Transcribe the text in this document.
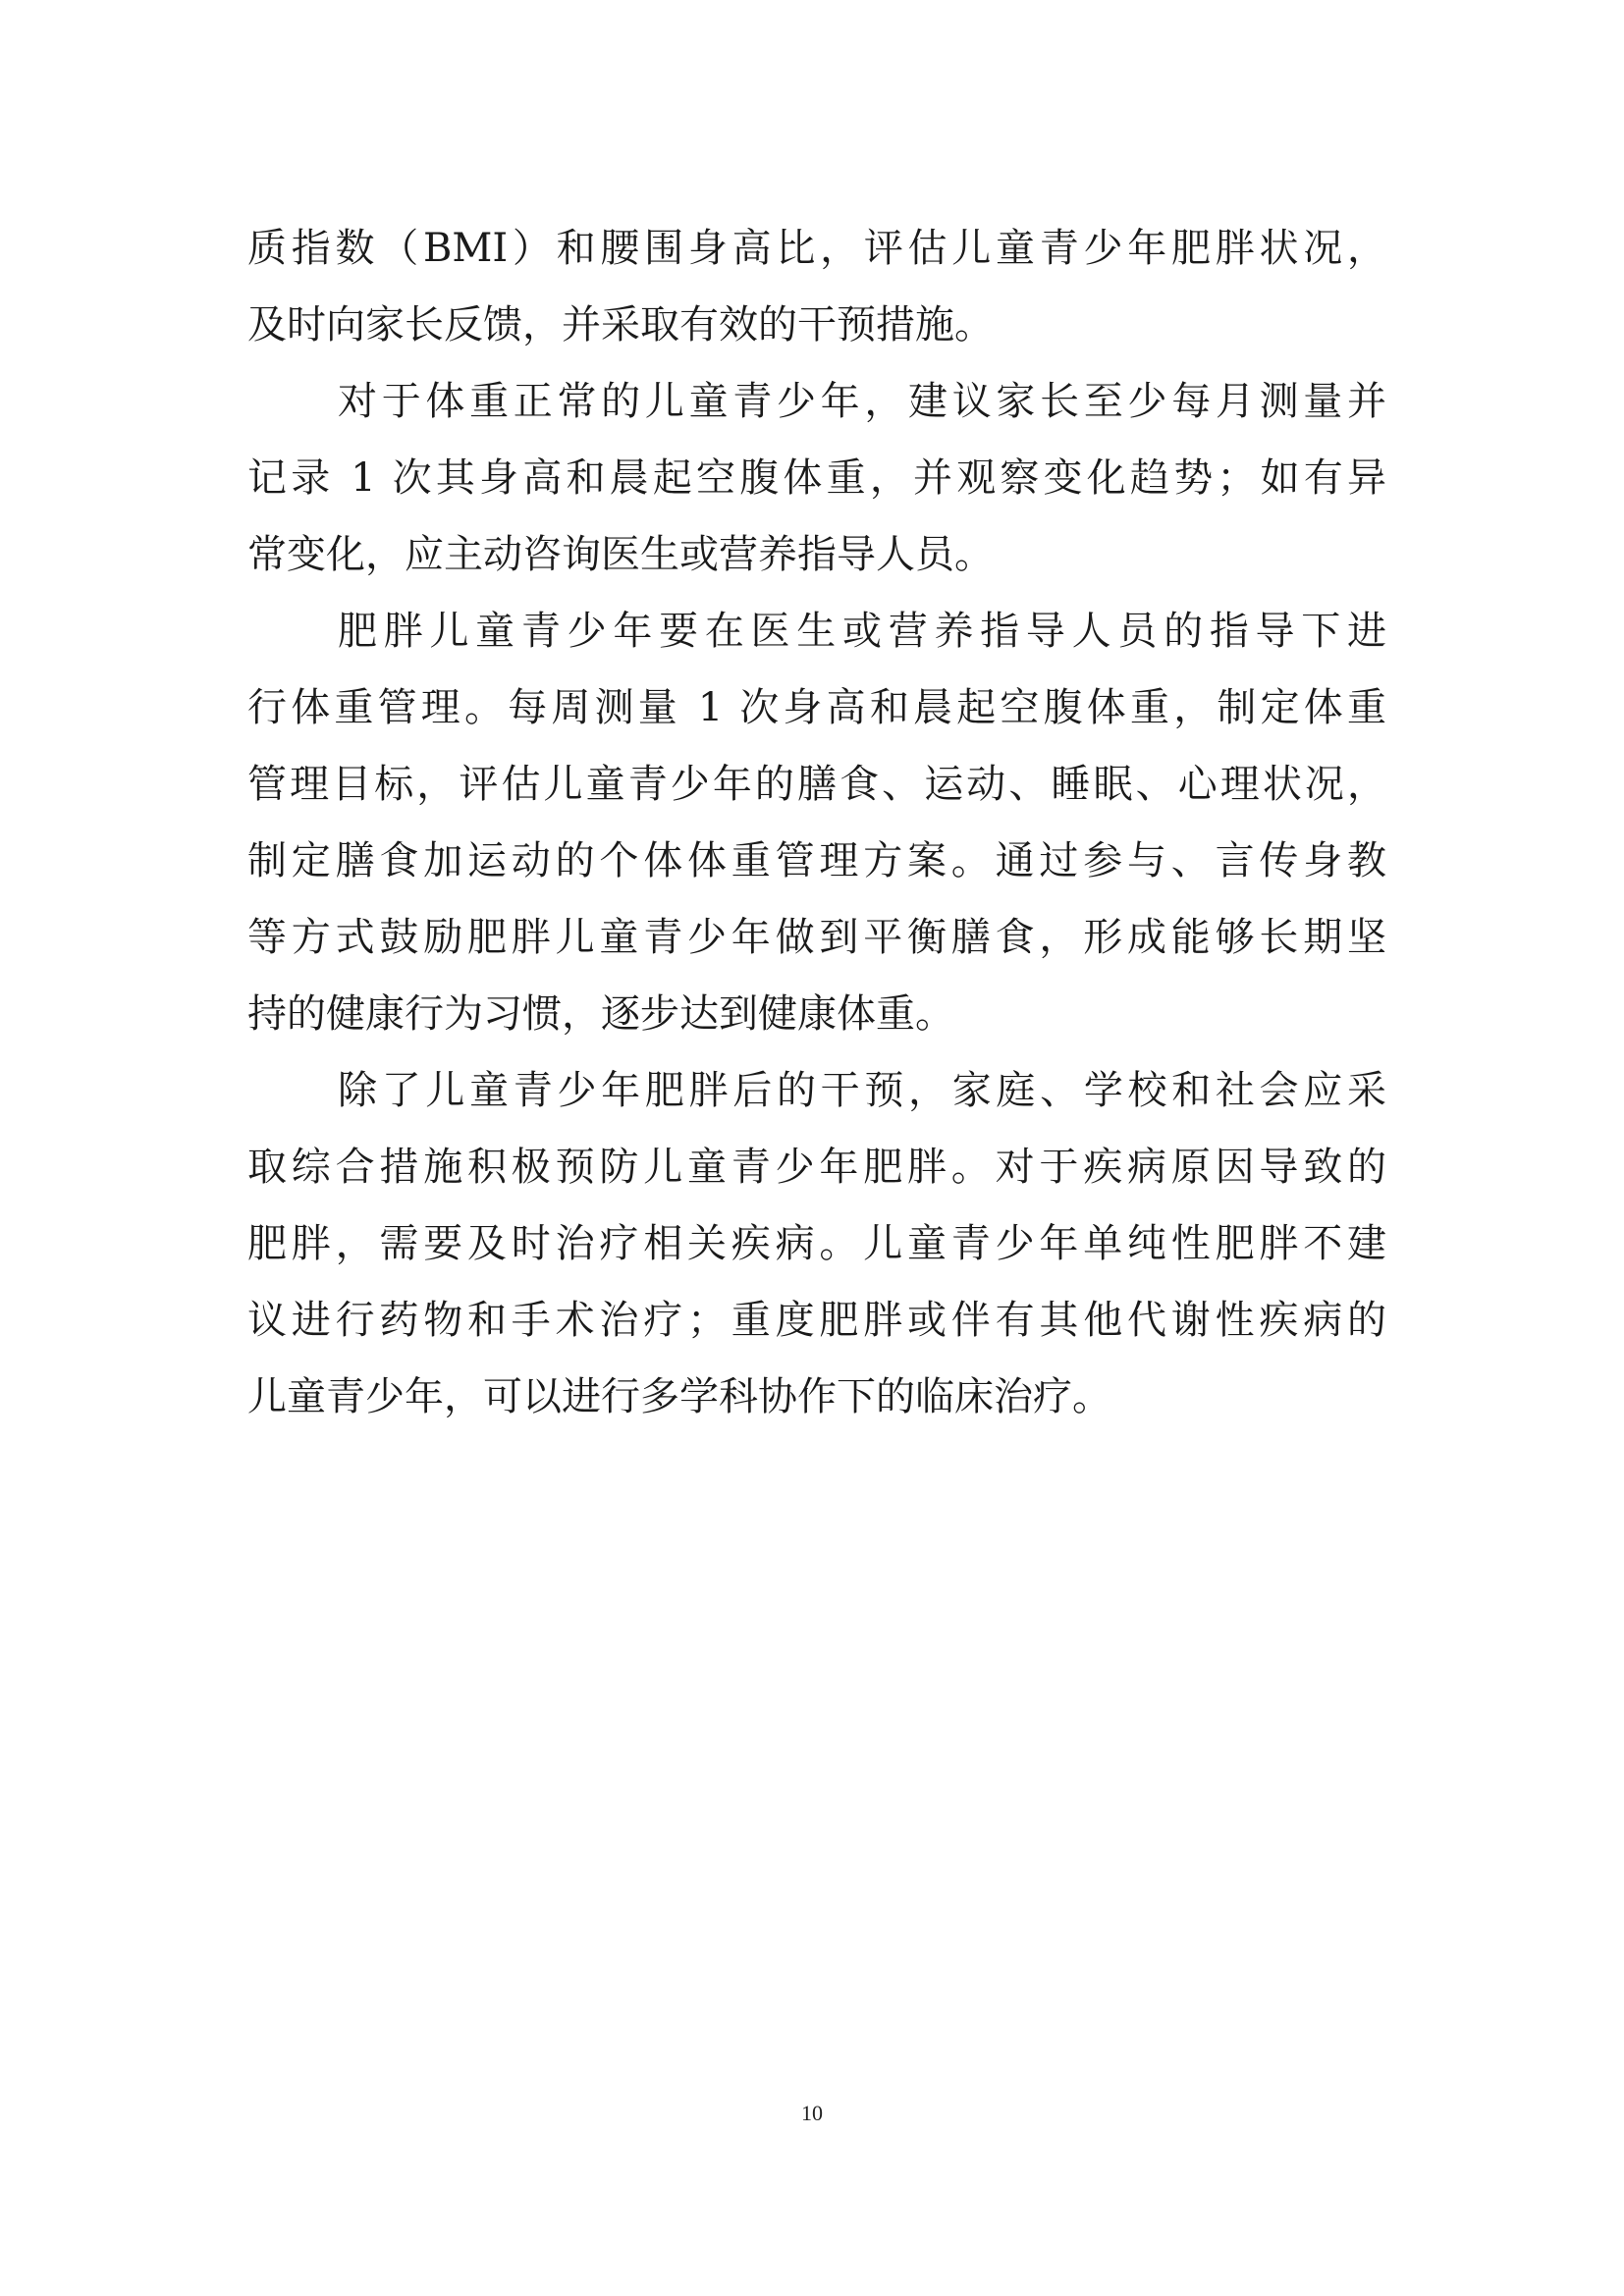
质指数（BMI）和腰围身高比，评估儿童青少年肥胖状况，
及时向家长反馈，并采取有效的干预措施。
对于体重正常的儿童青少年，建议家长至少每月测量并
记录 1 次其身高和晨起空腹体重，并观察变化趋势；如有异
常变化，应主动咨询医生或营养指导人员。
肥胖儿童青少年要在医生或营养指导人员的指导下进
行体重管理。每周测量 1 次身高和晨起空腹体重，制定体重
管理目标，评估儿童青少年的膳食、运动、睡眠、心理状况，
制定膳食加运动的个体体重管理方案。通过参与、言传身教
等方式鼓励肥胖儿童青少年做到平衡膳食，形成能够长期坚
持的健康行为习惯，逐步达到健康体重。
除了儿童青少年肥胖后的干预，家庭、学校和社会应采
取综合措施积极预防儿童青少年肥胖。对于疾病原因导致的
肥胖，需要及时治疗相关疾病。儿童青少年单纯性肥胖不建
议进行药物和手术治疗；重度肥胖或伴有其他代谢性疾病的
儿童青少年，可以进行多学科协作下的临床治疗。
10
